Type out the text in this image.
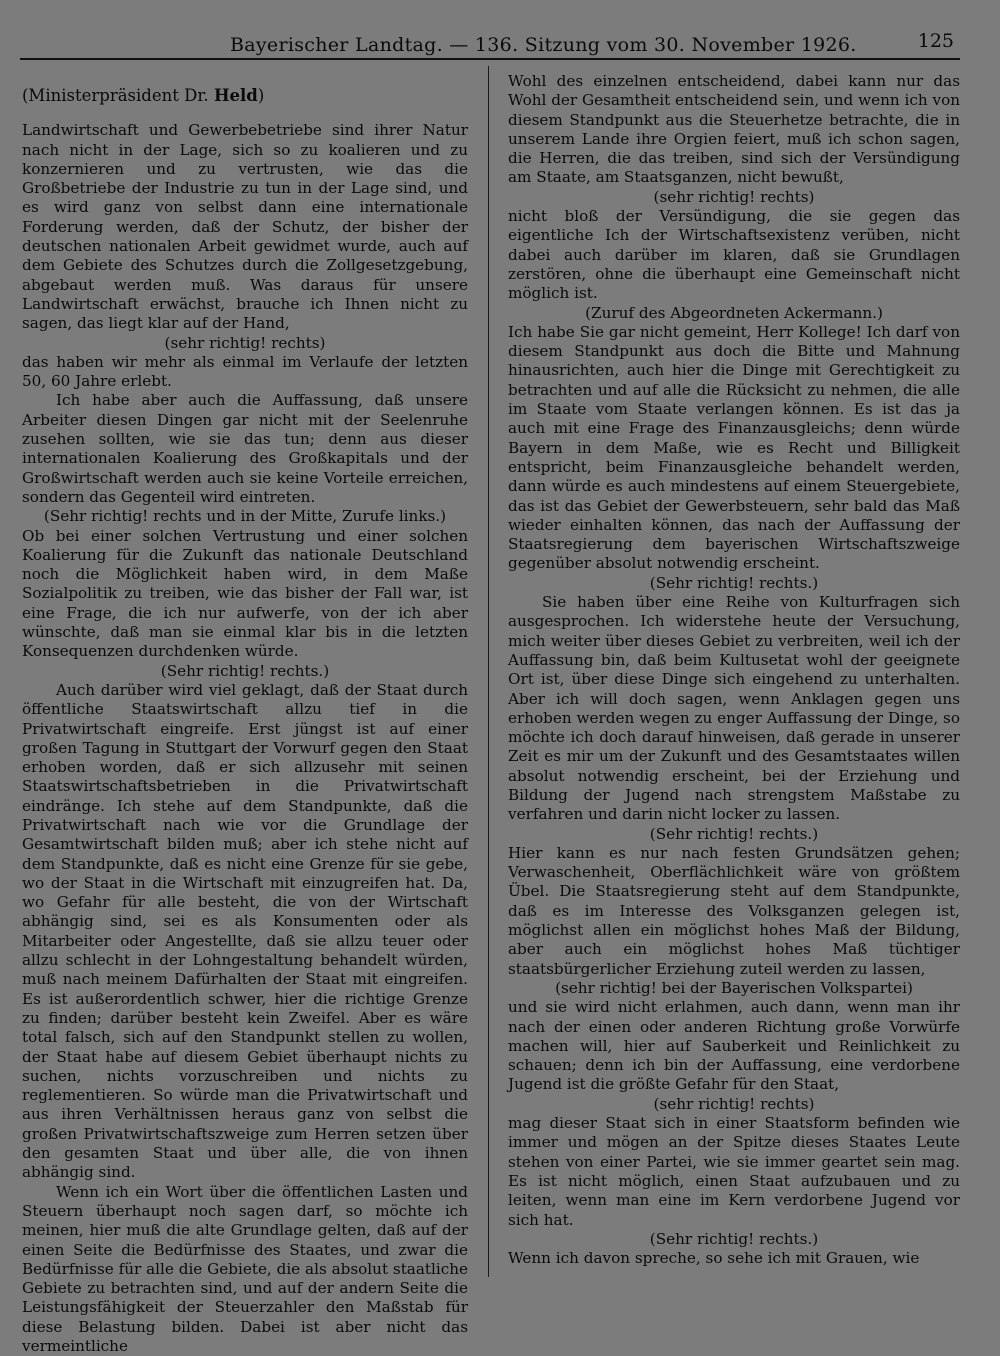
Bayerischer Landtag. — 136. Sitzung vom 30. November 1926.	125

(Ministerpräsident Dr. Held)

Landwirtschaft und Gewerbebetriebe sind ihrer Natur nach nicht in der Lage, sich so zu koalieren und zu konzernieren und zu vertrusten, wie das die Großbetriebe der Industrie zu tun in der Lage sind, und es wird ganz von selbst dann eine internationale Forderung werden, daß der Schutz, der bisher der deutschen nationalen Arbeit gewidmet wurde, auch auf dem Gebiete des Schutzes durch die Zollgesetzgebung, abgebaut werden muß. Was daraus für unsere Landwirtschaft erwächst, brauche ich Ihnen nicht zu sagen, das liegt klar auf der Hand,

(sehr richtig! rechts)

das haben wir mehr als einmal im Verlaufe der letzten 50, 60 Jahre erlebt.

Ich habe aber auch die Auffassung, daß unsere Arbeiter diesen Dingen gar nicht mit der Seelenruhe zusehen sollten, wie sie das tun; denn aus dieser internationalen Koalierung des Großkapitals und der Großwirtschaft werden auch sie keine Vorteile erreichen, sondern das Gegenteil wird eintreten.

(Sehr richtig! rechts und in der Mitte, Zurufe links.)

Ob bei einer solchen Vertrustung und einer solchen Koalierung für die Zukunft das nationale Deutschland noch die Möglichkeit haben wird, in dem Maße Sozialpolitik zu treiben, wie das bisher der Fall war, ist eine Frage, die ich nur aufwerfe, von der ich aber wünschte, daß man sie einmal klar bis in die letzten Konsequenzen durchdenken würde.

(Sehr richtig! rechts.)

Auch darüber wird viel geklagt, daß der Staat durch öffentliche Staatswirtschaft allzu tief in die Privatwirtschaft eingreife. Erst jüngst ist auf einer großen Tagung in Stuttgart der Vorwurf gegen den Staat erhoben worden, daß er sich allzusehr mit seinen Staatswirtschaftsbetrieben in die Privatwirtschaft eindränge. Ich stehe auf dem Standpunkte, daß die Privatwirtschaft nach wie vor die Grundlage der Gesamtwirtschaft bilden muß; aber ich stehe nicht auf dem Standpunkte, daß es nicht eine Grenze für sie gebe, wo der Staat in die Wirtschaft mit einzugreifen hat. Da, wo Gefahr für alle besteht, die von der Wirtschaft abhängig sind, sei es als Konsumenten oder als Mitarbeiter oder Angestellte, daß sie allzu teuer oder allzu schlecht in der Lohngestaltung behandelt würden, muß nach meinem Dafürhalten der Staat mit eingreifen. Es ist außerordentlich schwer, hier die richtige Grenze zu finden; darüber besteht kein Zweifel. Aber es wäre total falsch, sich auf den Standpunkt stellen zu wollen, der Staat habe auf diesem Gebiet überhaupt nichts zu suchen, nichts vorzuschreiben und nichts zu reglementieren. So würde man die Privatwirtschaft und aus ihren Verhältnissen heraus ganz von selbst die großen Privatwirtschaftszweige zum Herren setzen über den gesamten Staat und über alle, die von ihnen abhängig sind.

Wenn ich ein Wort über die öffentlichen Lasten und Steuern überhaupt noch sagen darf, so möchte ich meinen, hier muß die alte Grundlage gelten, daß auf der einen Seite die Bedürfnisse des Staates, und zwar die Bedürfnisse für alle die Gebiete, die als absolut staatliche Gebiete zu betrachten sind, und auf der andern Seite die Leistungsfähigkeit der Steuerzahler den Maßstab für diese Belastung bilden. Dabei ist aber nicht das vermeintliche

Wohl des einzelnen entscheidend, dabei kann nur das Wohl der Gesamtheit entscheidend sein, und wenn ich von diesem Standpunkt aus die Steuerhetze betrachte, die in unserem Lande ihre Orgien feiert, muß ich schon sagen, die Herren, die das treiben, sind sich der Versündigung am Staate, am Staatsganzen, nicht bewußt,

(sehr richtig! rechts)

nicht bloß der Versündigung, die sie gegen das eigentliche Ich der Wirtschaftsexistenz verüben, nicht dabei auch darüber im klaren, daß sie Grundlagen zerstören, ohne die überhaupt eine Gemeinschaft nicht möglich ist.

(Zuruf des Abgeordneten Ackermann.)

Ich habe Sie gar nicht gemeint, Herr Kollege! Ich darf von diesem Standpunkt aus doch die Bitte und Mahnung hinausrichten, auch hier die Dinge mit Gerechtigkeit zu betrachten und auf alle die Rücksicht zu nehmen, die alle im Staate vom Staate verlangen können. Es ist das ja auch mit eine Frage des Finanzausgleichs; denn würde Bayern in dem Maße, wie es Recht und Billigkeit entspricht, beim Finanzausgleiche behandelt werden, dann würde es auch mindestens auf einem Steuergebiete, das ist das Gebiet der Gewerbsteuern, sehr bald das Maß wieder einhalten können, das nach der Auffassung der Staatsregierung dem bayerischen Wirtschaftszweige gegenüber absolut notwendig erscheint.

(Sehr richtig! rechts.)

Sie haben über eine Reihe von Kulturfragen sich ausgesprochen. Ich widerstehe heute der Versuchung, mich weiter über dieses Gebiet zu verbreiten, weil ich der Auffassung bin, daß beim Kultusetat wohl der geeignete Ort ist, über diese Dinge sich eingehend zu unterhalten. Aber ich will doch sagen, wenn Anklagen gegen uns erhoben werden wegen zu enger Auffassung der Dinge, so möchte ich doch darauf hinweisen, daß gerade in unserer Zeit es mir um der Zukunft und des Gesamtstaates willen absolut notwendig erscheint, bei der Erziehung und Bildung der Jugend nach strengstem Maßstabe zu verfahren und darin nicht locker zu lassen.

(Sehr richtig! rechts.)

Hier kann es nur nach festen Grundsätzen gehen; Verwaschenheit, Oberflächlichkeit wäre von größtem Übel. Die Staatsregierung steht auf dem Standpunkte, daß es im Interesse des Volksganzen gelegen ist, möglichst allen ein möglichst hohes Maß der Bildung, aber auch ein möglichst hohes Maß tüchtiger staatsbürgerlicher Erziehung zuteil werden zu lassen,

(sehr richtig! bei der Bayerischen Volkspartei)

und sie wird nicht erlahmen, auch dann, wenn man ihr nach der einen oder anderen Richtung große Vorwürfe machen will, hier auf Sauberkeit und Reinlichkeit zu schauen; denn ich bin der Auffassung, eine verdorbene Jugend ist die größte Gefahr für den Staat,

(sehr richtig! rechts)

mag dieser Staat sich in einer Staatsform befinden wie immer und mögen an der Spitze dieses Staates Leute stehen von einer Partei, wie sie immer geartet sein mag. Es ist nicht möglich, einen Staat aufzubauen und zu leiten, wenn man eine im Kern verdorbene Jugend vor sich hat.

(Sehr richtig! rechts.)

Wenn ich davon spreche, so sehe ich mit Grauen, wie
